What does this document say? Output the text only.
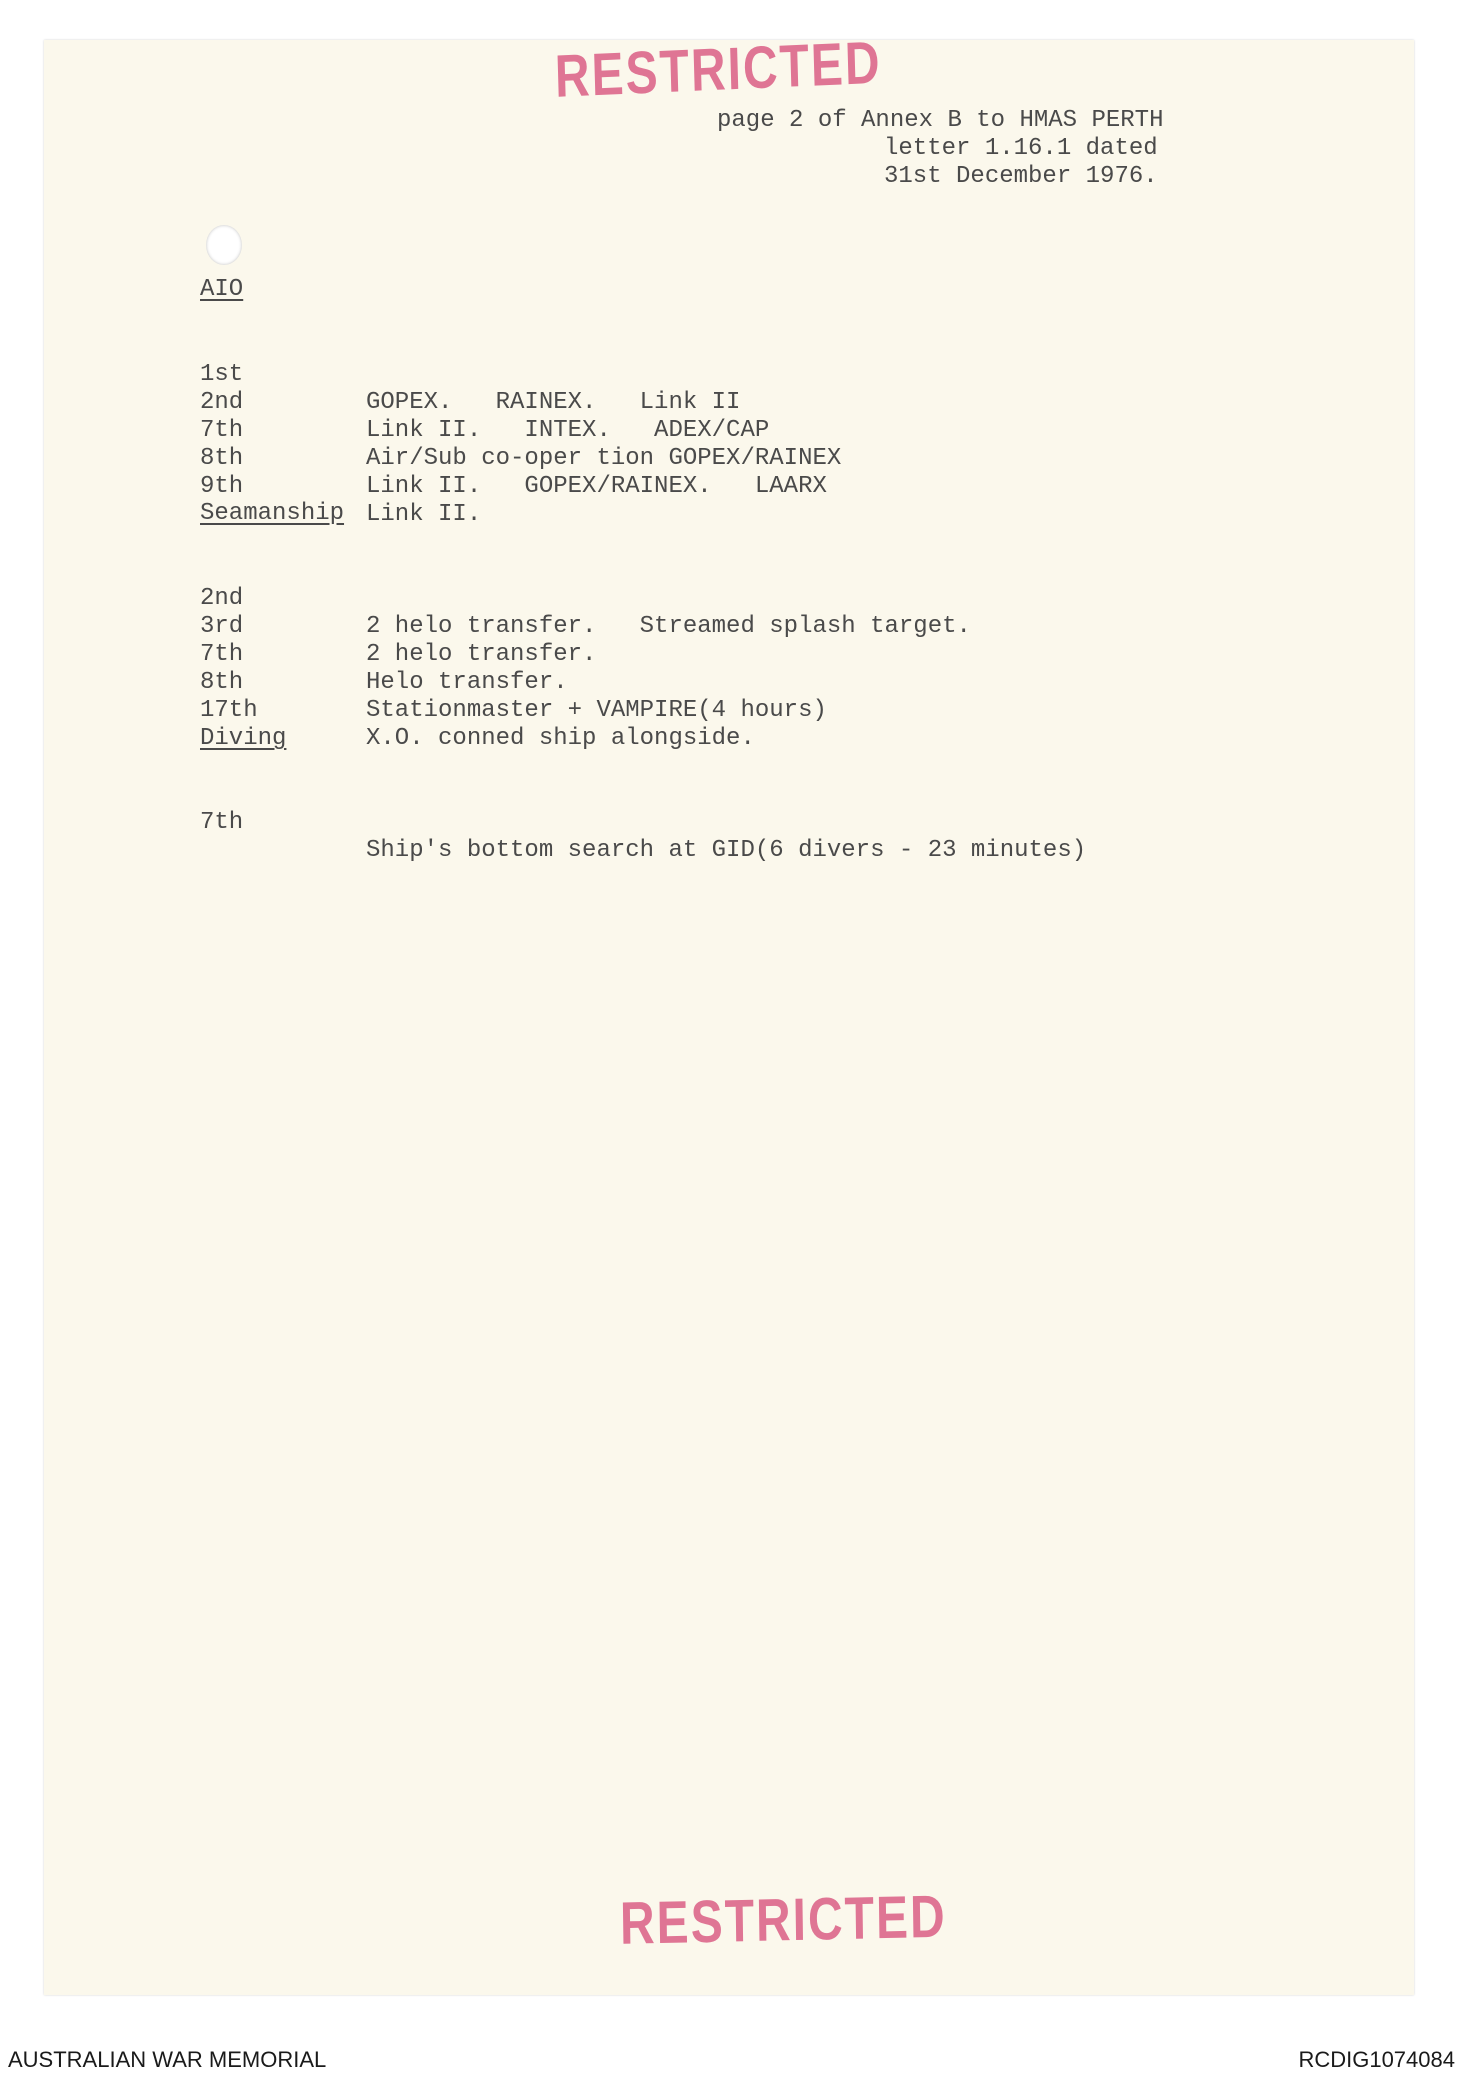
RESTRICTED
page 2 of Annex B to HMAS PERTH
letter 1.16.1 dated
31st December 1976.
AIO

1st

GOPEX.   RAINEX.   Link II

2nd

Link II.   INTEX.   ADEX/CAP

7th

Air/Sub co-oper tion GOPEX/RAINEX

8th

Link II.   GOPEX/RAINEX.   LAARX

9th

Link II.

Seamanship

2nd

2 helo transfer.   Streamed splash target.

3rd

2 helo transfer.

7th

Helo transfer.

8th

Stationmaster + VAMPIRE(4 hours)

17th

X.O. conned ship alongside.

Diving

7th

Ship's bottom search at GID(6 divers - 23 minutes)

RESTRICTED
AUSTRALIAN WAR MEMORIAL	RCDIG1074084
